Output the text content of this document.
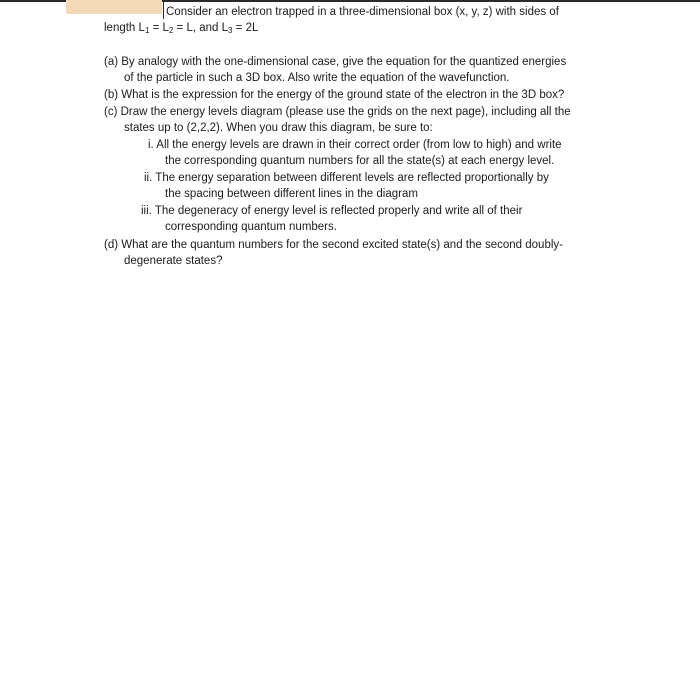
Consider an electron trapped in a three-dimensional box (x, y, z) with sides of
length $L_1 = L_2 = L$, and $L_3 = 2L$
(a) By analogy with the one-dimensional case, give the equation for the quantized energies
of the particle in such a 3D box. Also write the equation of the wavefunction.
(b) What is the expression for the energy of the ground state of the electron in the 3D box?
(c) Draw the energy levels diagram (please use the grids on the next page), including all the
states up to (2,2,2). When you draw this diagram, be sure to:
i. All the energy levels are drawn in their correct order (from low to high) and write
the corresponding quantum numbers for all the state(s) at each energy level.
ii. The energy separation between different levels are reflected proportionally by
the spacing between different lines in the diagram
iii. The degeneracy of energy level is reflected properly and write all of their
corresponding quantum numbers.
(d) What are the quantum numbers for the second excited state(s) and the second doubly-
degenerate states?
